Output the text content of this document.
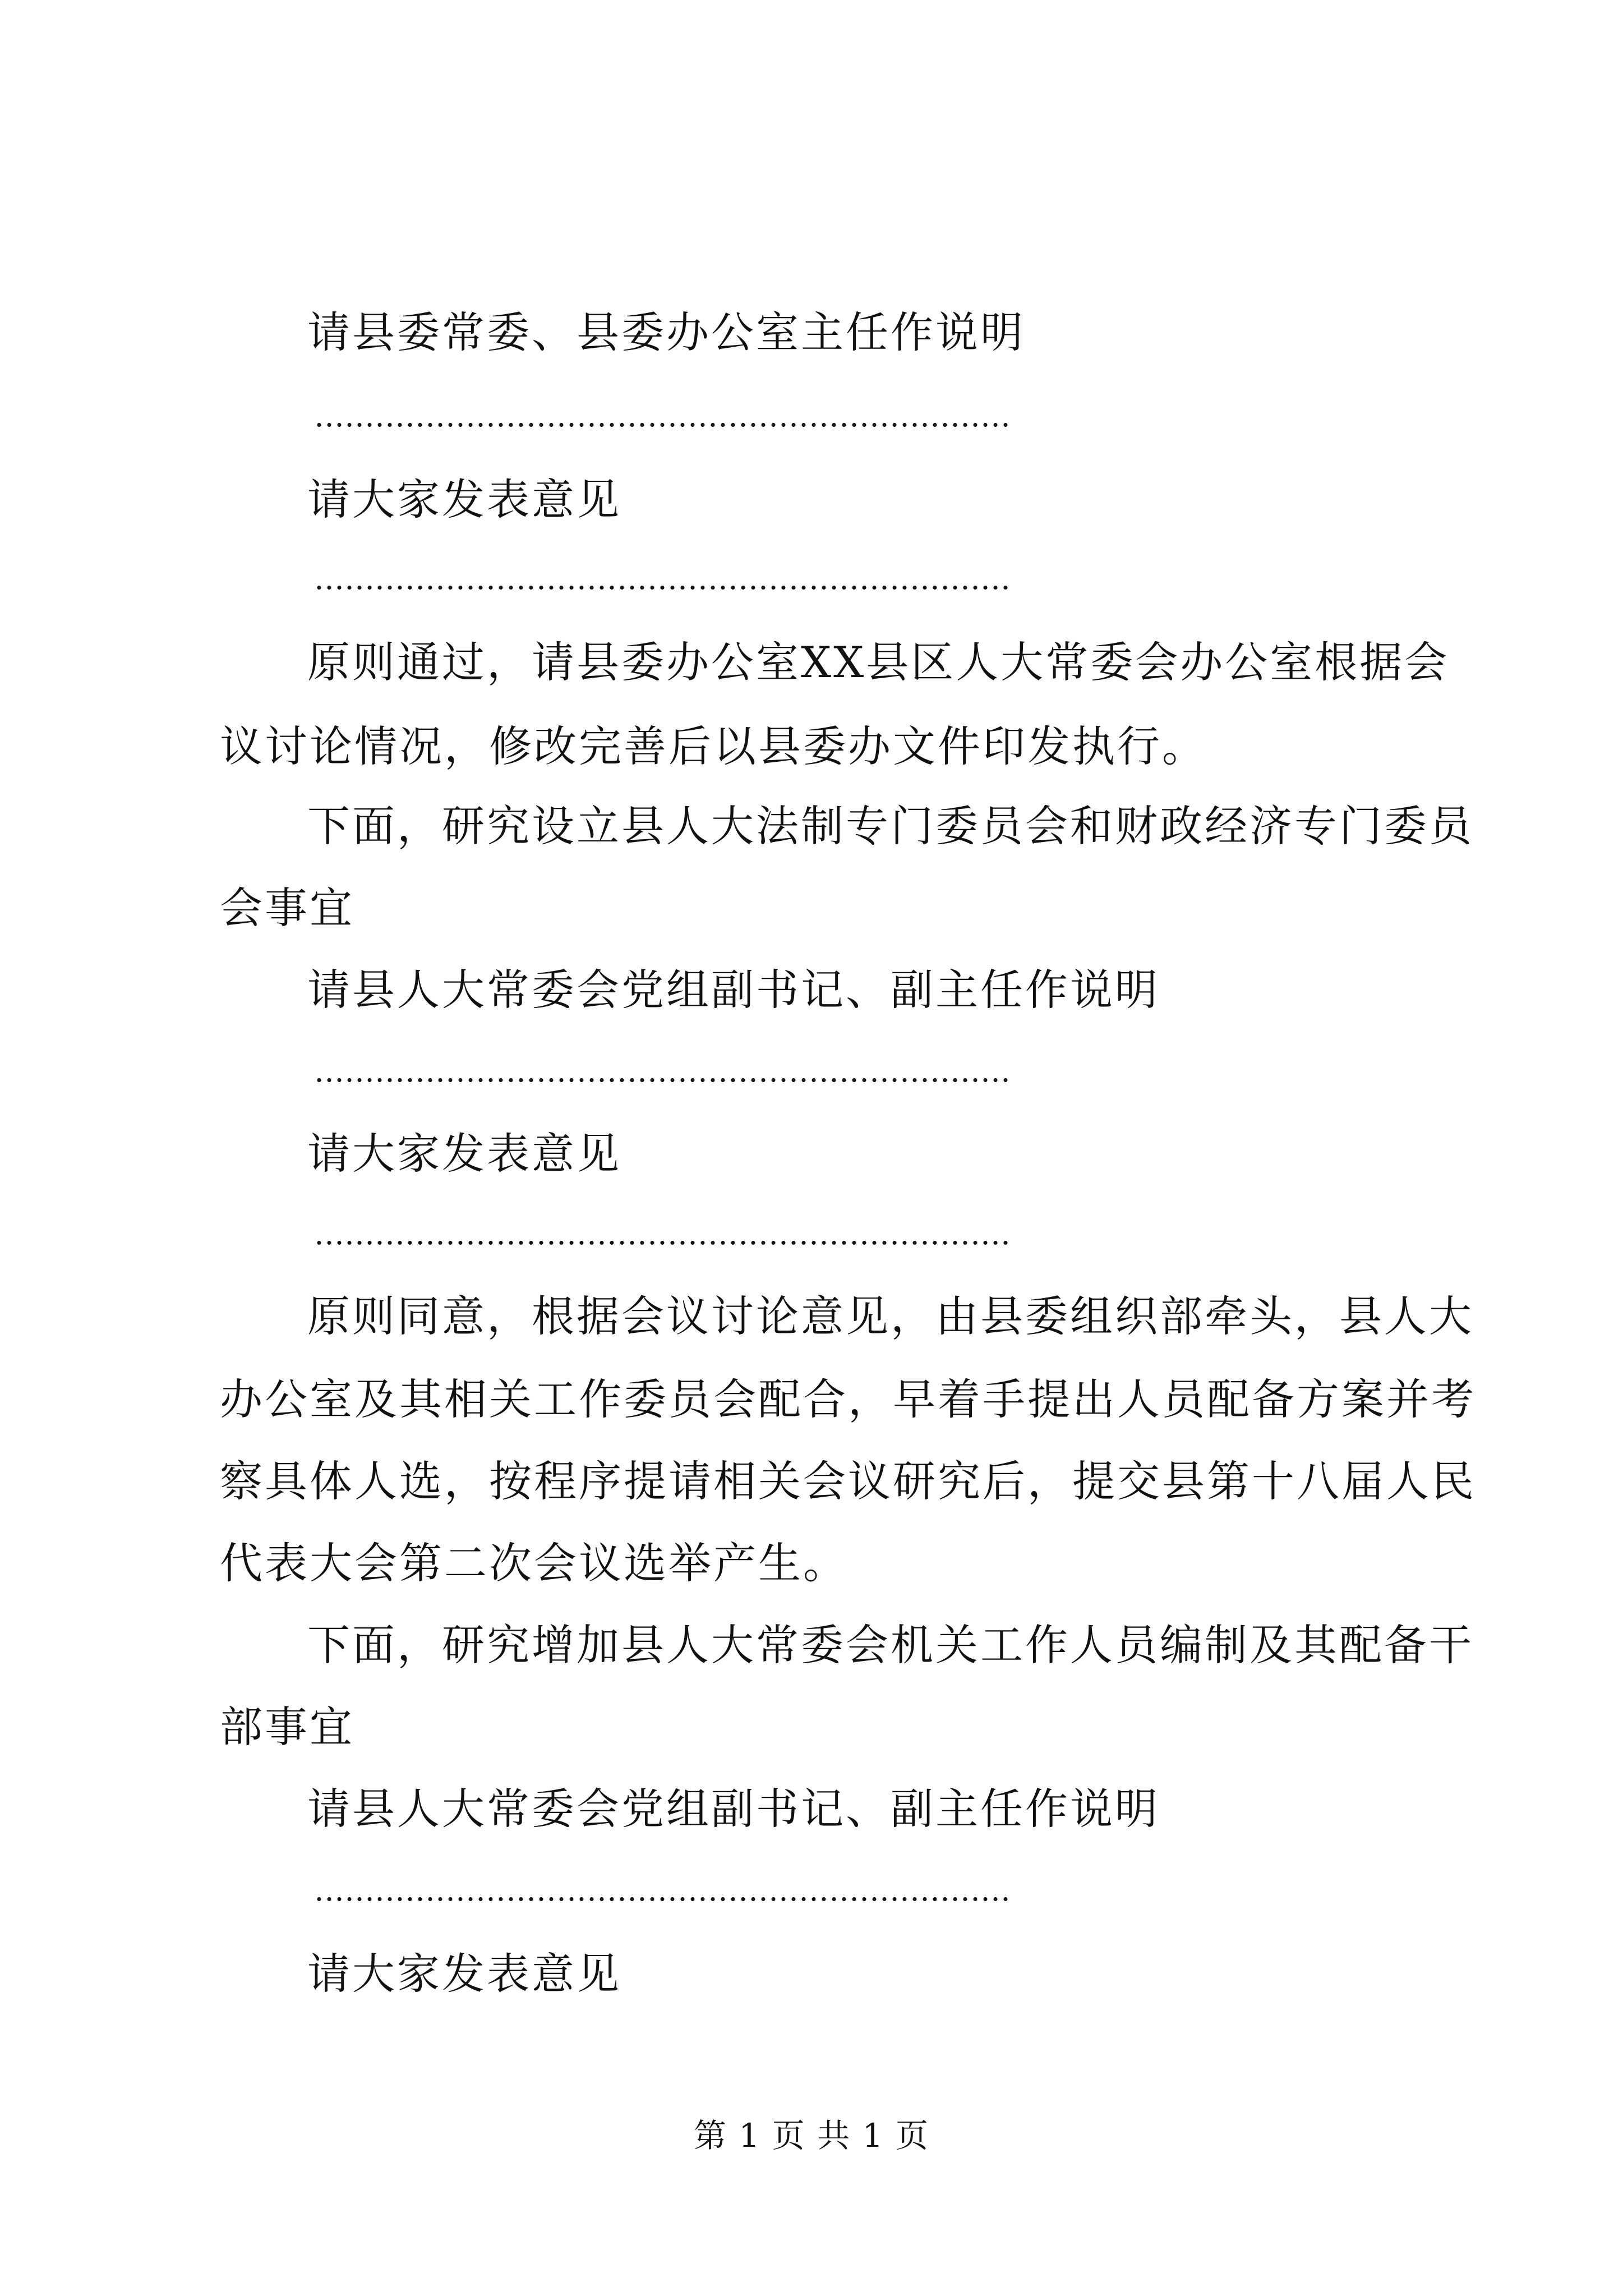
请县委常委、县委办公室主任作说明
……………………………………………………………
请大家发表意见
……………………………………………………………
原则通过，请县委办公室XX县区人大常委会办公室根据会
议讨论情况，修改完善后以县委办文件印发执行。
下面，研究设立县人大法制专门委员会和财政经济专门委员
会事宜
请县人大常委会党组副书记、副主任作说明
……………………………………………………………
请大家发表意见
……………………………………………………………
原则同意，根据会议讨论意见，由县委组织部牵头，县人大
办公室及其相关工作委员会配合，早着手提出人员配备方案并考
察具体人选，按程序提请相关会议研究后，提交县第十八届人民
代表大会第二次会议选举产生。
下面，研究增加县人大常委会机关工作人员编制及其配备干
部事宜
请县人大常委会党组副书记、副主任作说明
……………………………………………………………
请大家发表意见
第 1 页 共 1 页
